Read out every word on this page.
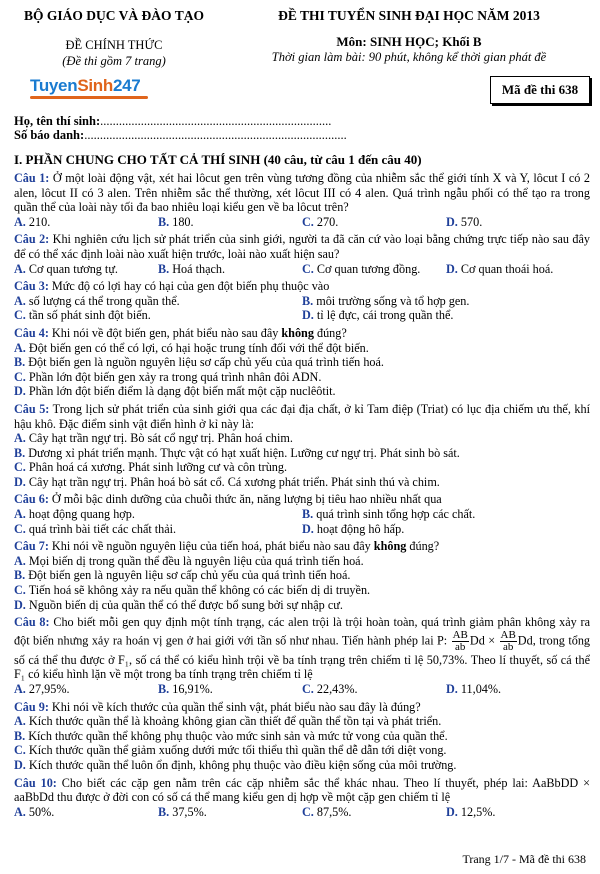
BỘ GIÁO DỤC VÀ ĐÀO TẠO
ĐỀ CHÍNH THỨC
(Đề thi gồm 7 trang)
TuyenSinh247
ĐỀ THI TUYỂN SINH ĐẠI HỌC NĂM 2013
Môn: SINH HỌC; Khối B
Thời gian làm bài: 90 phút, không kể thời gian phát đề
Mã đề thi 638
Họ, tên thí sinh:..........................................................................
Số báo danh:....................................................................................
I. PHẦN CHUNG CHO TẤT CẢ THÍ SINH (40 câu, từ câu 1 đến câu 40)

Câu 1: Ở một loài động vật, xét hai lôcut gen trên vùng tương đồng của nhiễm sắc thể giới tính X và Y, lôcut I có 2 alen, lôcut II có 3 alen. Trên nhiễm sắc thể thường, xét lôcut III có 4 alen. Quá trình ngẫu phối có thể tạo ra trong quần thể của loài này tối đa bao nhiêu loại kiểu gen về ba lôcut trên?

A. 210.	B. 180.	C. 270.	D. 570.

Câu 2: Khi nghiên cứu lịch sử phát triển của sinh giới, người ta đã căn cứ vào loại bằng chứng trực tiếp nào sau đây để có thể xác định loài nào xuất hiện trước, loài nào xuất hiện sau?

A. Cơ quan tương tự.	B. Hoá thạch.	C. Cơ quan tương đồng.	D. Cơ quan thoái hoá.

Câu 3: Mức độ có lợi hay có hại của gen đột biến phụ thuộc vào

A. số lượng cá thể trong quần thể.	B. môi trường sống và tổ hợp gen.
C. tần số phát sinh đột biến.	D. tỉ lệ đực, cái trong quần thể.

Câu 4: Khi nói về đột biến gen, phát biểu nào sau đây không đúng?

A. Đột biến gen có thể có lợi, có hại hoặc trung tính đối với thể đột biến.
B. Đột biến gen là nguồn nguyên liệu sơ cấp chủ yếu của quá trình tiến hoá.
C. Phần lớn đột biến gen xảy ra trong quá trình nhân đôi ADN.
D. Phần lớn đột biến điểm là dạng đột biến mất một cặp nuclêôtit.

Câu 5: Trong lịch sử phát triển của sinh giới qua các đại địa chất, ở kỉ Tam điệp (Triat) có lục địa chiếm ưu thế, khí hậu khô. Đặc điểm sinh vật điển hình ở kỉ này là:

A. Cây hạt trần ngự trị. Bò sát cổ ngự trị. Phân hoá chim.
B. Dương xỉ phát triển mạnh. Thực vật có hạt xuất hiện. Lưỡng cư ngự trị. Phát sinh bò sát.
C. Phân hoá cá xương. Phát sinh lưỡng cư và côn trùng.
D. Cây hạt trần ngự trị. Phân hoá bò sát cổ. Cá xương phát triển. Phát sinh thú và chim.

Câu 6: Ở mỗi bậc dinh dưỡng của chuỗi thức ăn, năng lượng bị tiêu hao nhiều nhất qua

A. hoạt động quang hợp.	B. quá trình sinh tổng hợp các chất.
C. quá trình bài tiết các chất thải.	D. hoạt động hô hấp.

Câu 7: Khi nói về nguồn nguyên liệu của tiến hoá, phát biểu nào sau đây không đúng?

A. Mọi biến dị trong quần thể đều là nguyên liệu của quá trình tiến hoá.
B. Đột biến gen là nguyên liệu sơ cấp chủ yếu của quá trình tiến hoá.
C. Tiến hoá sẽ không xảy ra nếu quần thể không có các biến dị di truyền.
D. Nguồn biến dị của quần thể có thể được bổ sung bởi sự nhập cư.

Câu 8: Cho biết mỗi gen quy định một tính trạng, các alen trội là trội hoàn toàn, quá trình giảm phân không xảy ra đột biến nhưng xảy ra hoán vị gen ở hai giới với tần số như nhau. Tiến hành phép lai P: $\frac{AB}{ab}$ $Dd \times \frac{AB}{ab} Dd$, trong tổng số cá thể thu được ở F₁, số cá thể có kiểu hình trội về ba tính trạng trên chiếm tỉ lệ 50,73%. Theo lí thuyết, số cá thể F₁ có kiểu hình lặn về một trong ba tính trạng trên chiếm tỉ lệ

A. 27,95%.	B. 16,91%.	C. 22,43%.	D. 11,04%.

Câu 9: Khi nói về kích thước của quần thể sinh vật, phát biểu nào sau đây là đúng?

A. Kích thước quần thể là khoảng không gian cần thiết để quần thể tồn tại và phát triển.
B. Kích thước quần thể không phụ thuộc vào mức sinh sản và mức tử vong của quần thể.
C. Kích thước quần thể giảm xuống dưới mức tối thiểu thì quần thể dễ dẫn tới diệt vong.
D. Kích thước quần thể luôn ổn định, không phụ thuộc vào điều kiện sống của môi trường.

Câu 10: Cho biết các cặp gen nằm trên các cặp nhiễm sắc thể khác nhau. Theo lí thuyết, phép lai: AaBbDD × aaBbDd thu được ở đời con có số cá thể mang kiểu gen dị hợp về một cặp gen chiếm tỉ lệ

A. 50%.	B. 37,5%.	C. 87,5%.	D. 12,5%.
Trang 1/7 - Mã đề thi 638
